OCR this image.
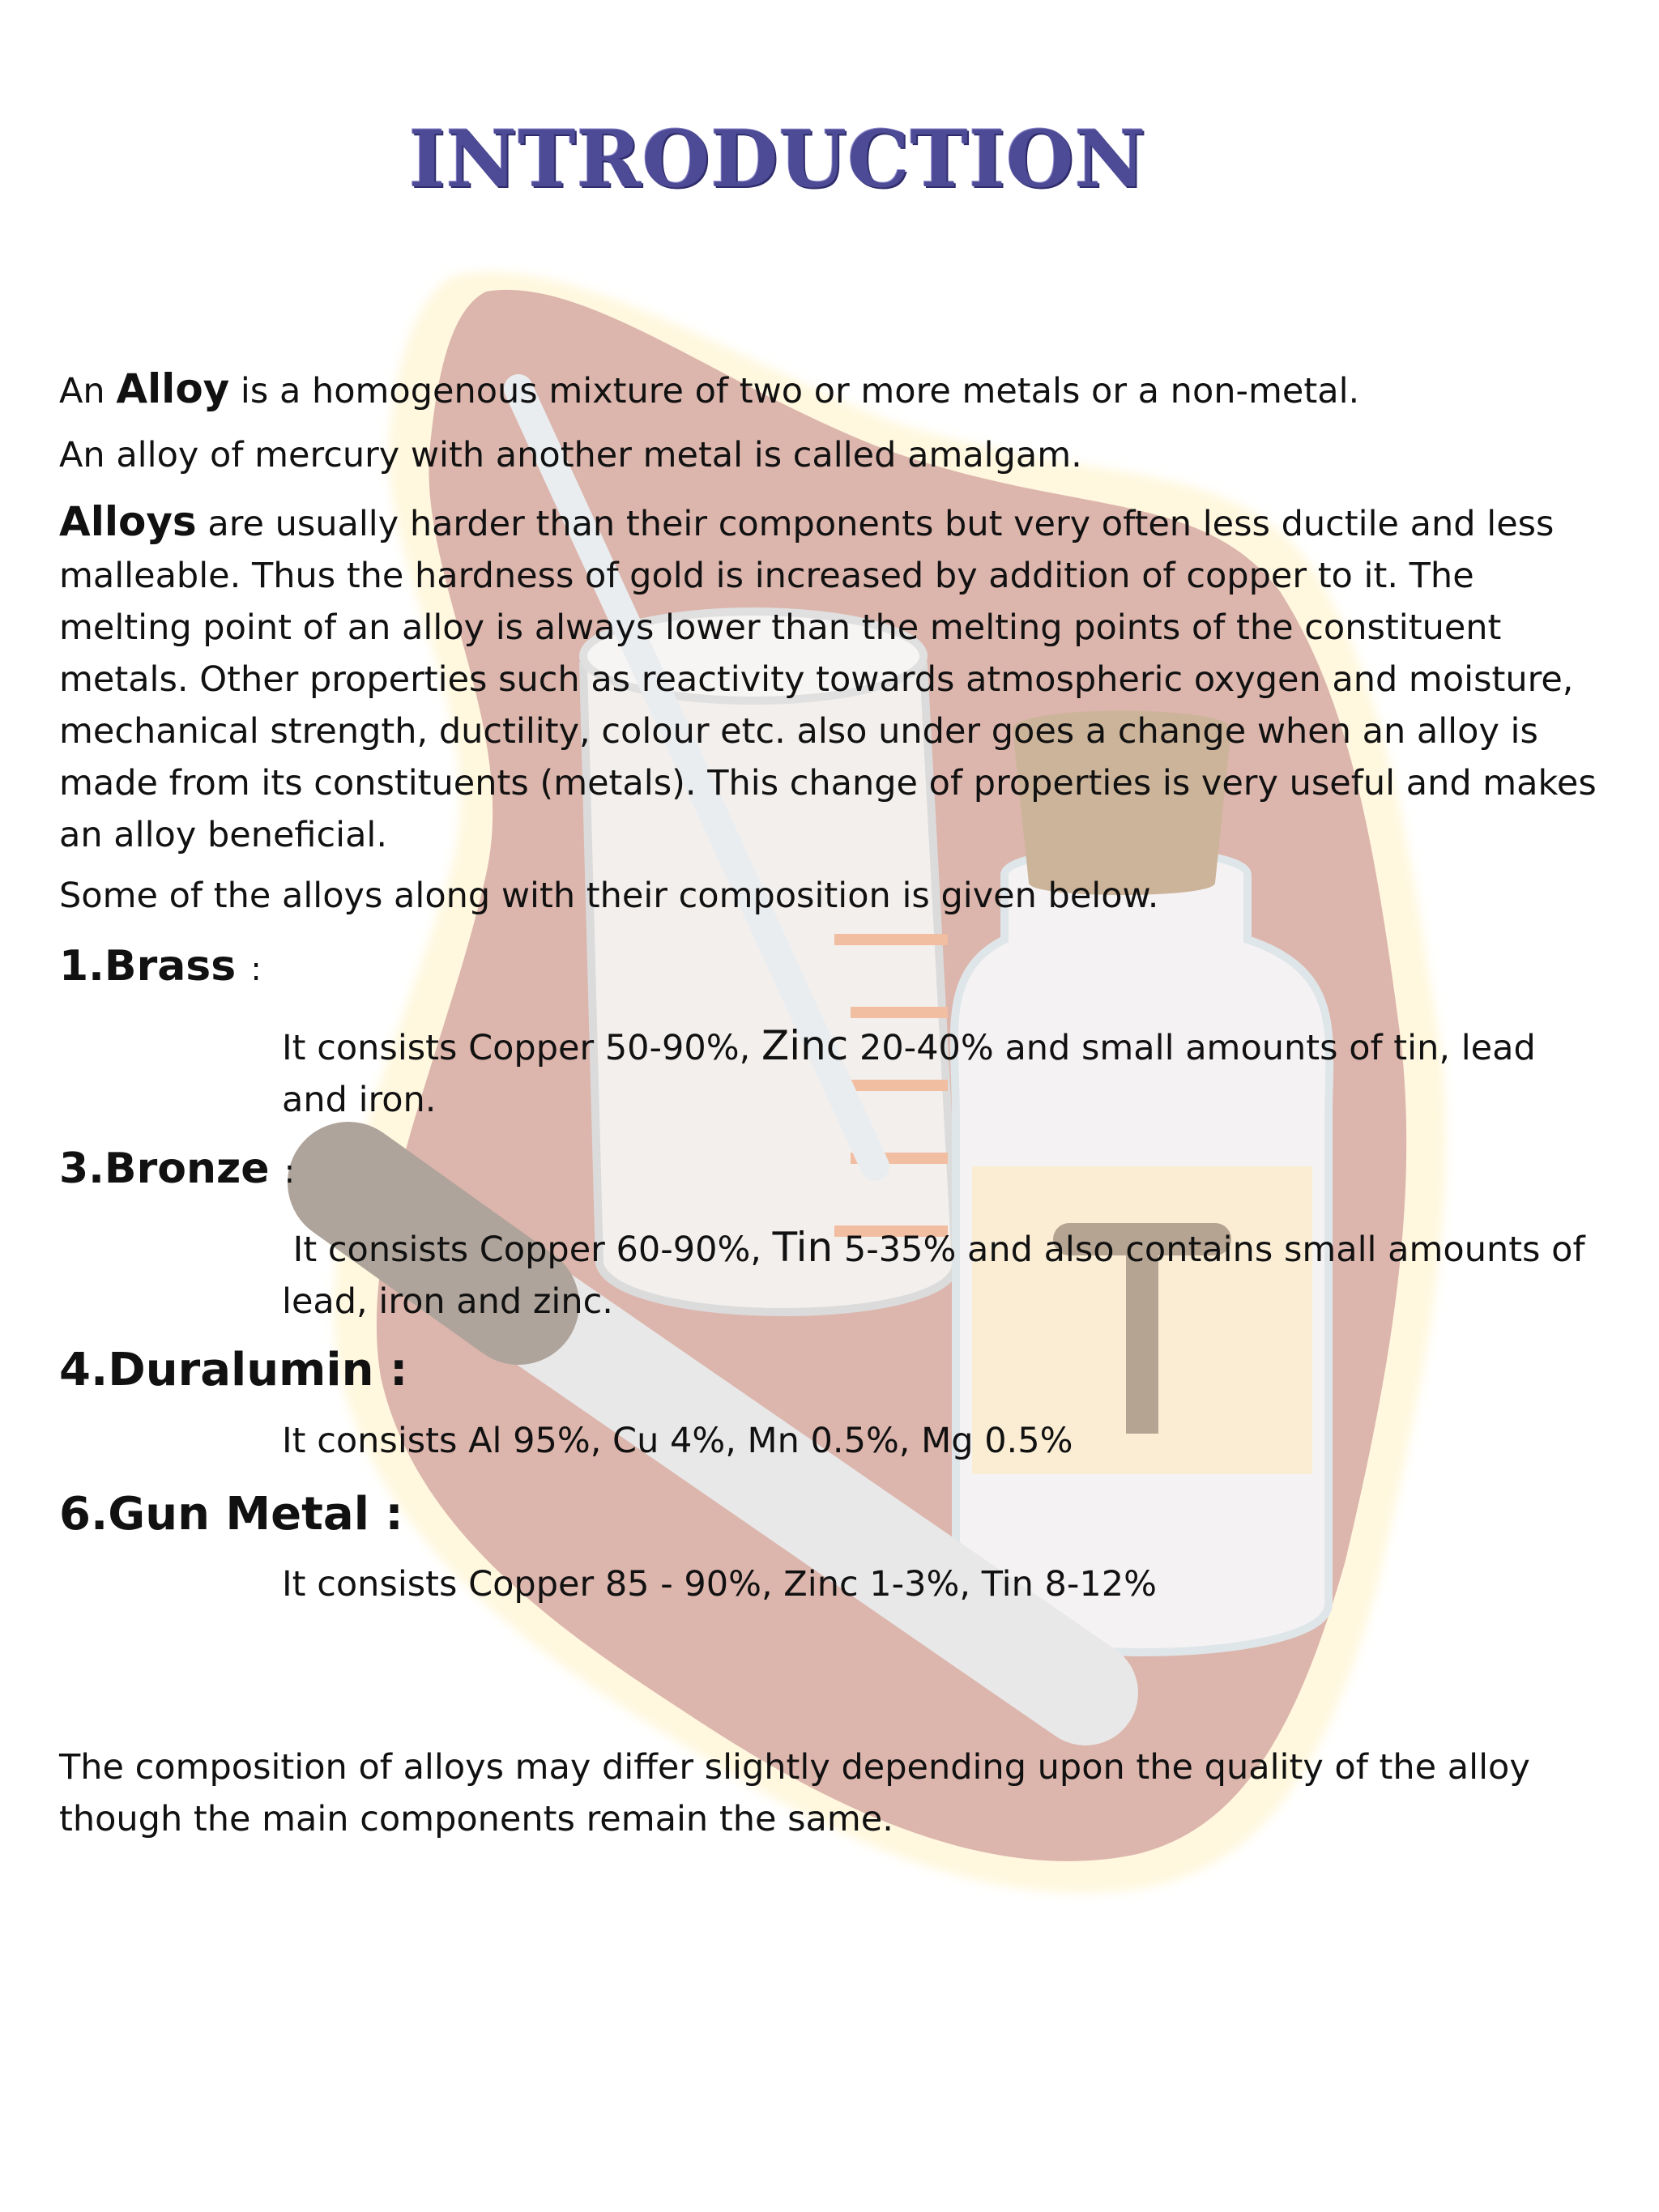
INTRODUCTION

An Alloy is a homogenous mixture of two or more metals or a non-metal.

An alloy of mercury with another metal is called amalgam.

Alloys are usually harder than their components but very often less ductile and less malleable. Thus the hardness of gold is increased by addition of copper to it. The melting point of an alloy is always lower than the melting points of the constituent metals. Other properties such as reactivity towards atmospheric oxygen and moisture, mechanical strength, ductility, colour etc. also under goes a change when an alloy is made from its constituents (metals). This change of properties is very useful and makes an alloy beneficial.

Some of the alloys along with their composition is given below.

1.Brass :

It consists Copper 50-90%, Zinc 20-40% and small amounts of tin, lead and iron.

3.Bronze :

It consists Copper 60-90%, Tin 5-35% and also contains small amounts of lead, iron and zinc.

4.Duralumin :

It consists Al 95%, Cu 4%, Mn 0.5%, Mg 0.5%

6.Gun Metal :

It consists Copper 85 - 90%, Zinc 1-3%, Tin 8-12%

The composition of alloys may differ slightly depending upon the quality of the alloy though the main components remain the same.
